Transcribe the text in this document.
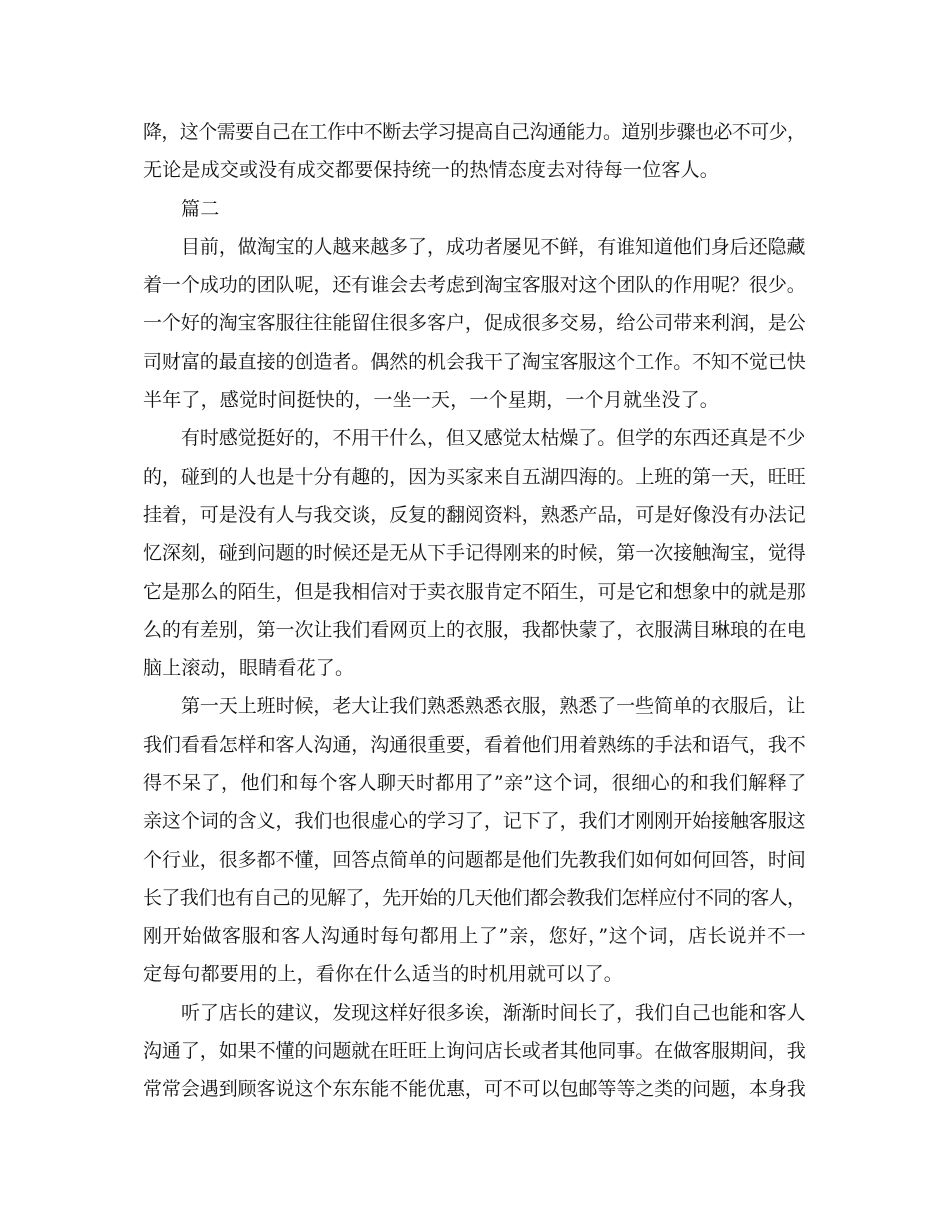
降，这个需要自己在工作中不断去学习提高自己沟通能力。道别步骤也必不可少，
无论是成交或没有成交都要保持统一的热情态度去对待每一位客人。
篇二
目前，做淘宝的人越来越多了，成功者屡见不鲜，有谁知道他们身后还隐藏
着一个成功的团队呢，还有谁会去考虑到淘宝客服对这个团队的作用呢？很少。
一个好的淘宝客服往往能留住很多客户，促成很多交易，给公司带来利润，是公
司财富的最直接的创造者。偶然的机会我干了淘宝客服这个工作。不知不觉已快
半年了，感觉时间挺快的，一坐一天，一个星期，一个月就坐没了。
有时感觉挺好的，不用干什么，但又感觉太枯燥了。但学的东西还真是不少
的，碰到的人也是十分有趣的，因为买家来自五湖四海的。上班的第一天，旺旺
挂着，可是没有人与我交谈，反复的翻阅资料，熟悉产品，可是好像没有办法记
忆深刻，碰到问题的时候还是无从下手记得刚来的时候，第一次接触淘宝，觉得
它是那么的陌生，但是我相信对于卖衣服肯定不陌生，可是它和想象中的就是那
么的有差别，第一次让我们看网页上的衣服，我都快蒙了，衣服满目琳琅的在电
脑上滚动，眼睛看花了。
第一天上班时候，老大让我们熟悉熟悉衣服，熟悉了一些简单的衣服后，让
我们看看怎样和客人沟通，沟通很重要，看着他们用着熟练的手法和语气，我不
得不呆了，他们和每个客人聊天时都用了”亲”这个词，很细心的和我们解释了
亲这个词的含义，我们也很虚心的学习了，记下了，我们才刚刚开始接触客服这
个行业，很多都不懂，回答点简单的问题都是他们先教我们如何如何回答，时间
长了我们也有自己的见解了，先开始的几天他们都会教我们怎样应付不同的客人，
刚开始做客服和客人沟通时每句都用上了”亲，您好，”这个词，店长说并不一
定每句都要用的上，看你在什么适当的时机用就可以了。
听了店长的建议，发现这样好很多诶，渐渐时间长了，我们自己也能和客人
沟通了，如果不懂的问题就在旺旺上询问店长或者其他同事。在做客服期间，我
常常会遇到顾客说这个东东能不能优惠，可不可以包邮等等之类的问题，本身我
